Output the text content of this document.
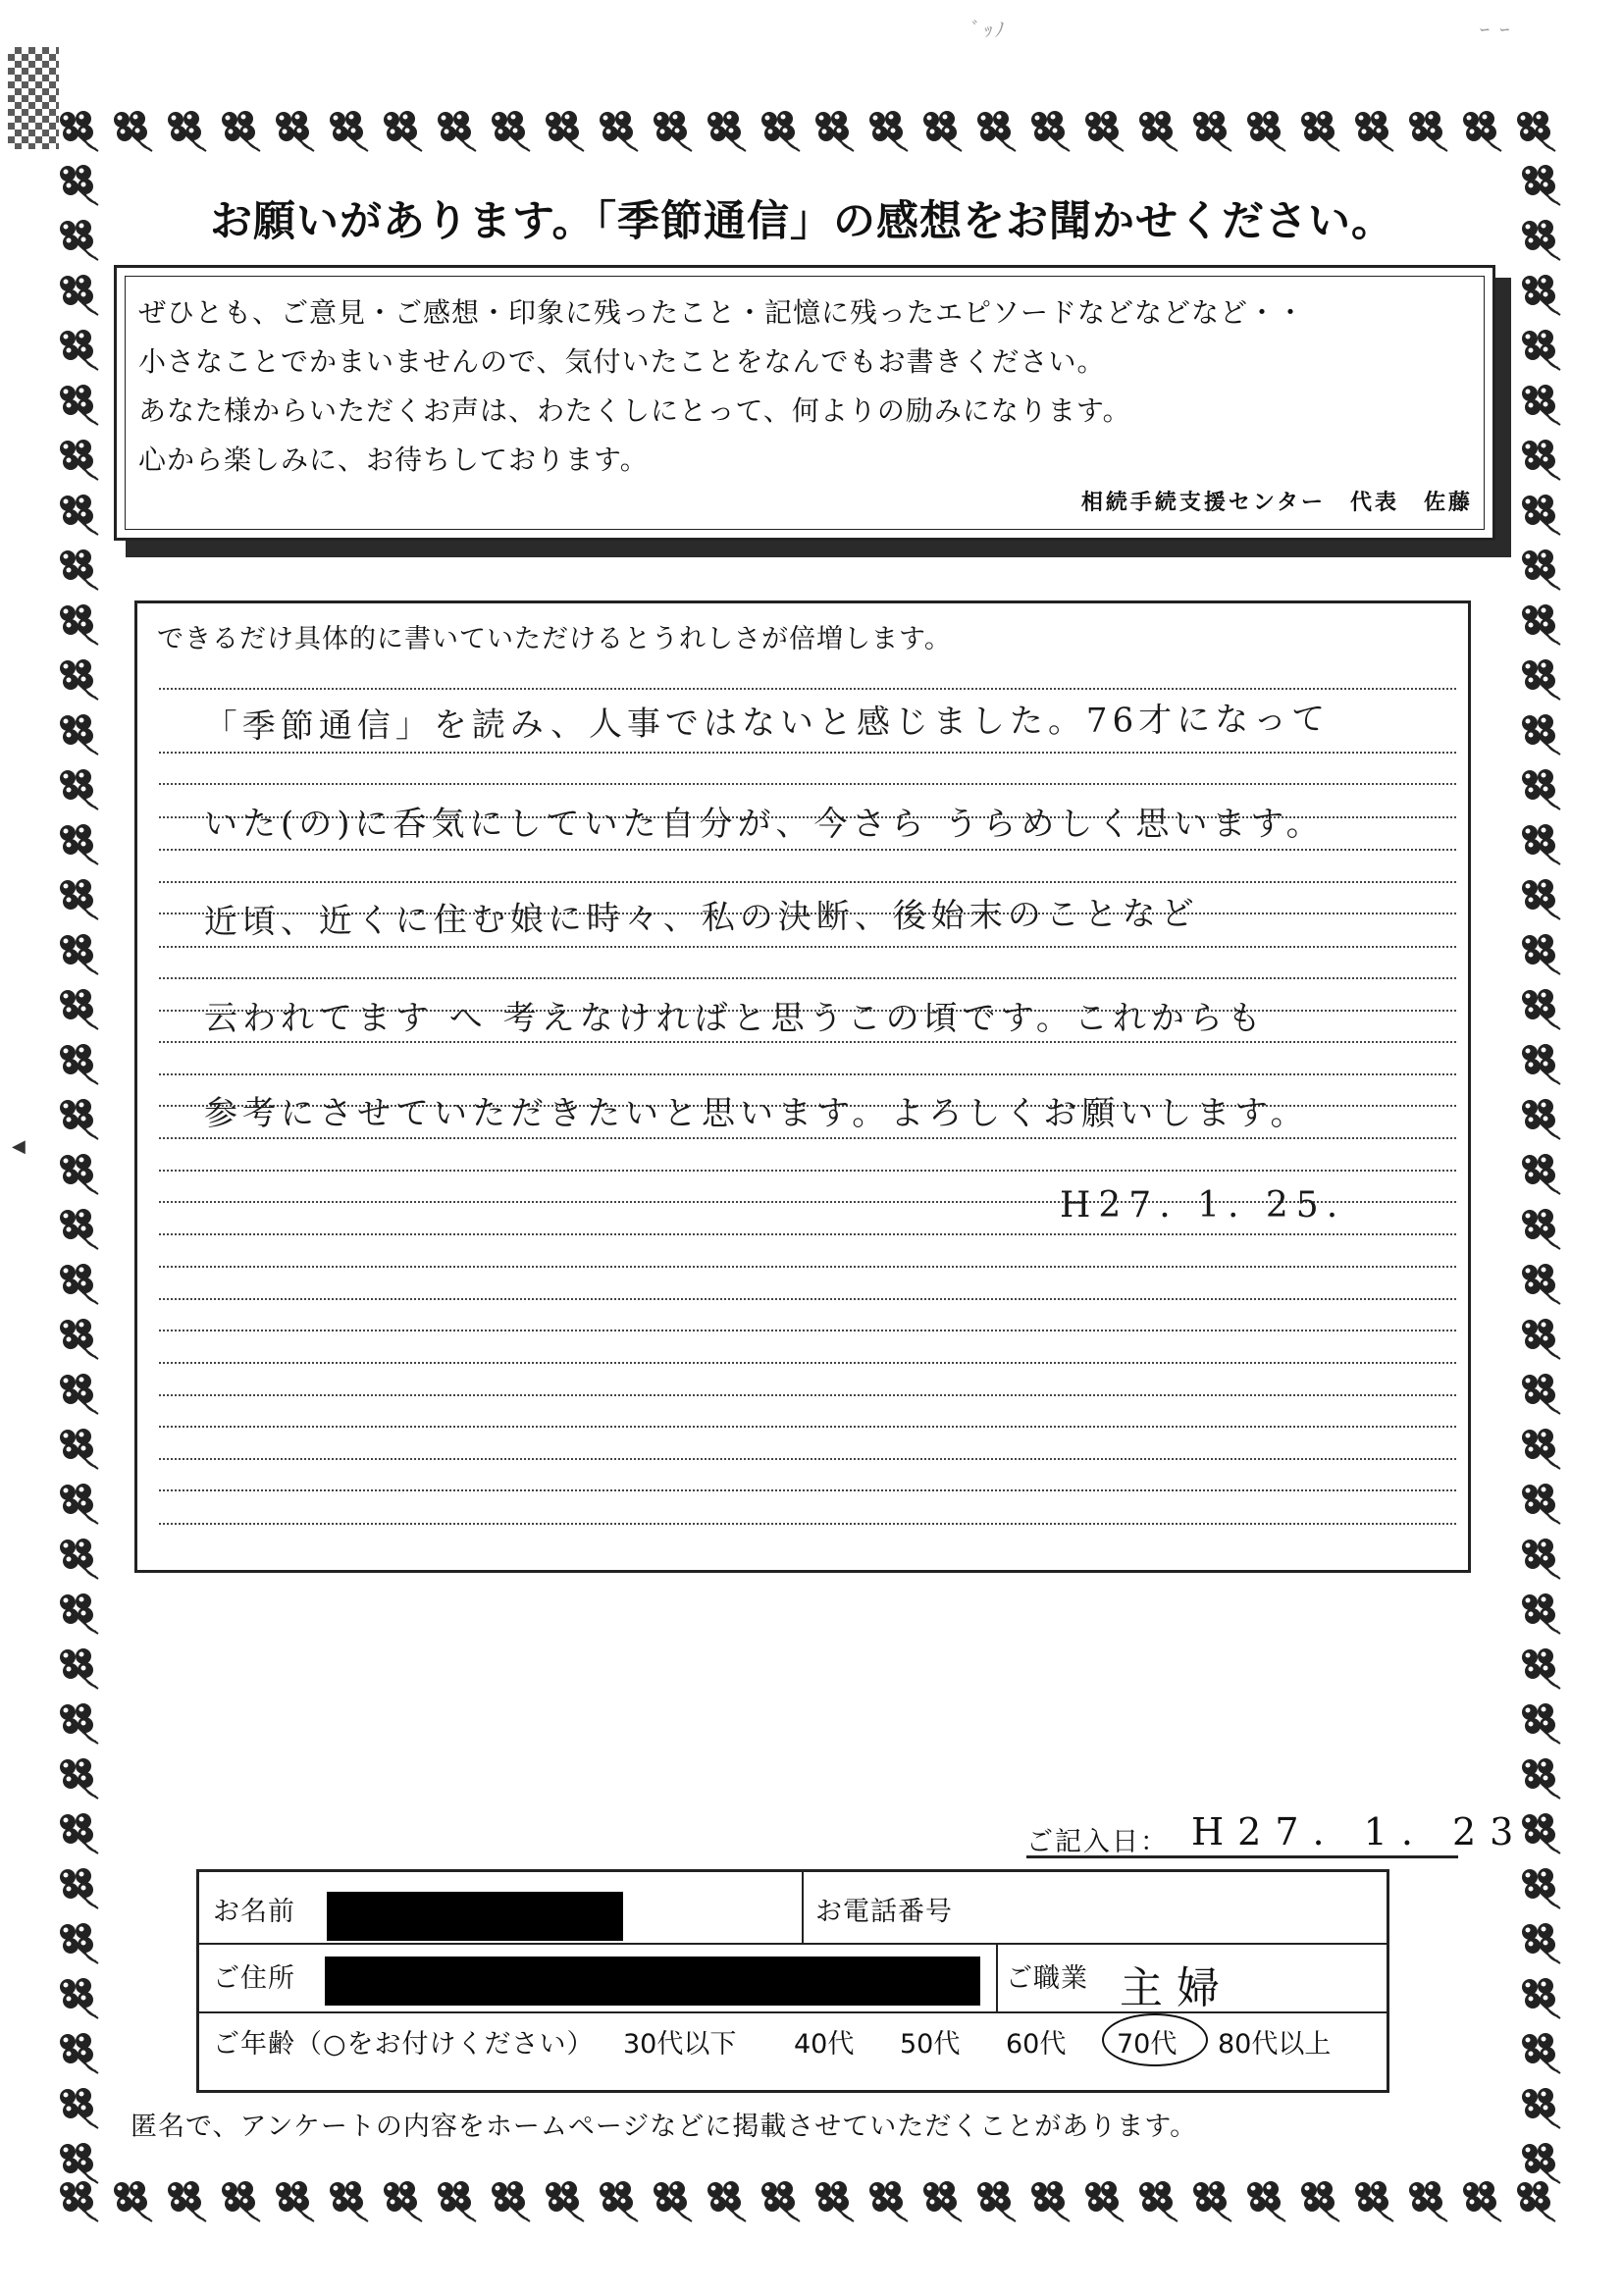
ﾞｯﾉ	ｰ ｰ
◀
お願いがあります。「季節通信」の感想をお聞かせください。
ぜひとも、ご意見・ご感想・印象に残ったこと・記憶に残ったエピソードなどなどなど・・
小さなことでかまいませんので、気付いたことをなんでもお書きください。
あなた様からいただくお声は、わたくしにとって、何よりの励みになります。
心から楽しみに、お待ちしております。
相続手続支援センター　代表　佐藤
できるだけ具体的に書いていただけるとうれしさが倍増します。
「季節通信」を読み、人事ではないと感じました。76才になって
いた(の)に呑気にしていた自分が、今さら うらめしく思います。
近頃、近くに住む娘に時々、私の決断、後始末のことなど
云われてます へ 考えなければと思うこの頃です。これからも
参考にさせていただきたいと思います。よろしくお願いします。
H27. 1. 25.
ご記入日： H27. 1. 23
お名前	お電話番号
ご住所	ご職業 主婦
ご年齢（○をお付けください） 30代以下 40代 50代 60代 70代 80代以上
匿名で、アンケートの内容をホームページなどに掲載させていただくことがあります。
